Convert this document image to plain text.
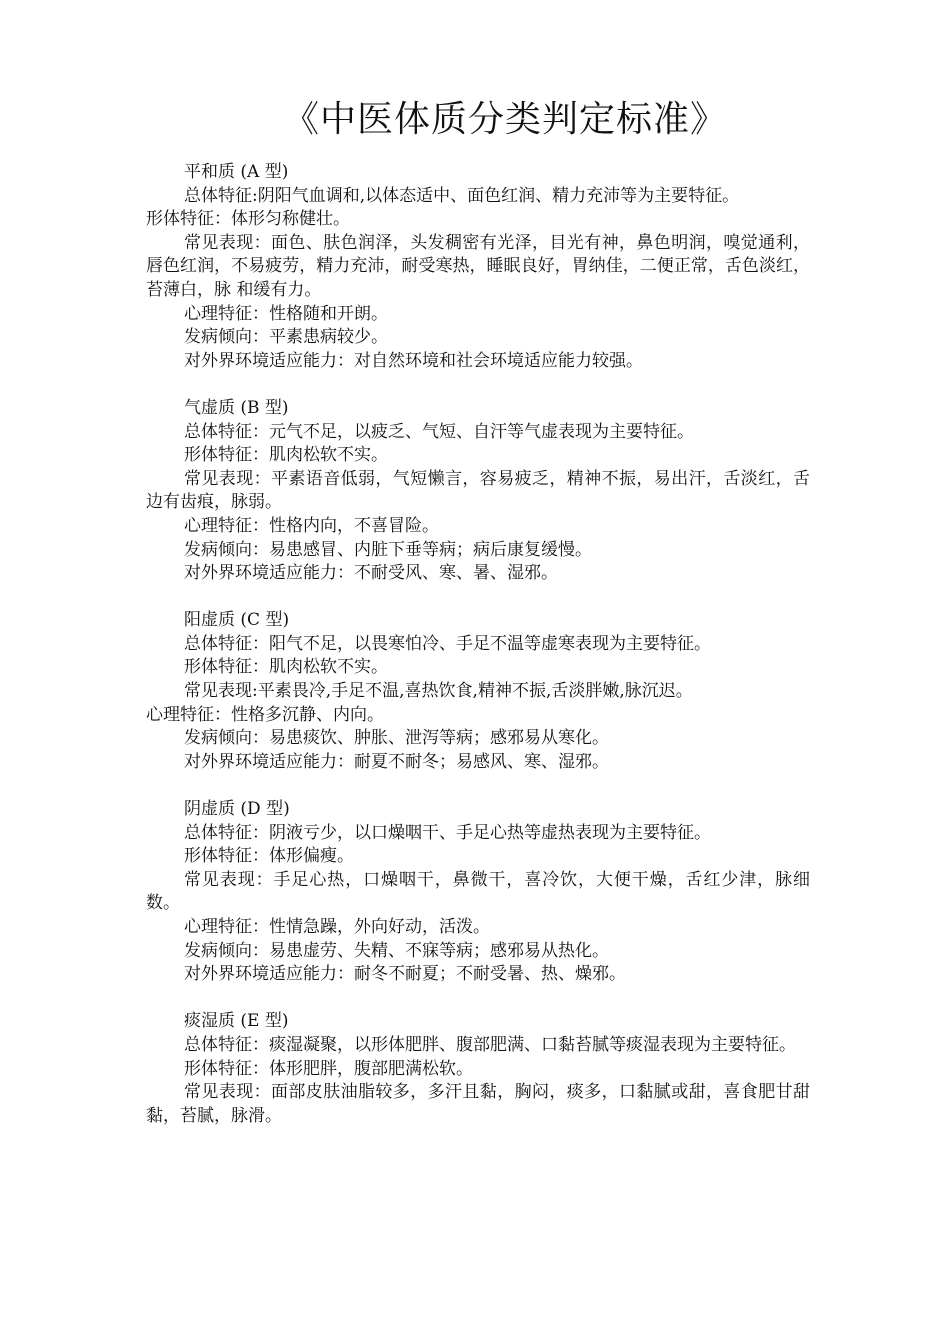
《中医体质分类判定标准》

平和质 (A 型)

总体特征:阴阳气血调和,以体态适中、面色红润、精力充沛等为主要特征。

形体特征：体形匀称健壮。

常见表现：面色、肤色润泽，头发稠密有光泽，目光有神，鼻色明润，嗅觉通利，唇色红润，不易疲劳，精力充沛，耐受寒热，睡眠良好，胃纳佳，二便正常，舌色淡红，苔薄白，脉 和缓有力。

心理特征：性格随和开朗。

发病倾向：平素患病较少。

对外界环境适应能力：对自然环境和社会环境适应能力较强。

气虚质 (B 型)

总体特征：元气不足，以疲乏、气短、自汗等气虚表现为主要特征。

形体特征：肌肉松软不实。

常见表现：平素语音低弱，气短懒言，容易疲乏，精神不振，易出汗，舌淡红，舌边有齿痕，脉弱。

心理特征：性格内向，不喜冒险。

发病倾向：易患感冒、内脏下垂等病；病后康复缓慢。

对外界环境适应能力：不耐受风、寒、暑、湿邪。

阳虚质 (C 型)

总体特征：阳气不足，以畏寒怕冷、手足不温等虚寒表现为主要特征。

形体特征：肌肉松软不实。

常见表现:平素畏冷,手足不温,喜热饮食,精神不振,舌淡胖嫩,脉沉迟。

心理特征：性格多沉静、内向。

发病倾向：易患痰饮、肿胀、泄泻等病；感邪易从寒化。

对外界环境适应能力：耐夏不耐冬；易感风、寒、湿邪。

阴虚质 (D 型)

总体特征：阴液亏少，以口燥咽干、手足心热等虚热表现为主要特征。

形体特征：体形偏瘦。

常见表现：手足心热，口燥咽干，鼻微干，喜冷饮，大便干燥，舌红少津，脉细数。

心理特征：性情急躁，外向好动，活泼。

发病倾向：易患虚劳、失精、不寐等病；感邪易从热化。

对外界环境适应能力：耐冬不耐夏；不耐受暑、热、燥邪。

痰湿质 (E 型)

总体特征：痰湿凝聚，以形体肥胖、腹部肥满、口黏苔腻等痰湿表现为主要特征。

形体特征：体形肥胖，腹部肥满松软。

常见表现：面部皮肤油脂较多，多汗且黏，胸闷，痰多，口黏腻或甜，喜食肥甘甜黏，苔腻，脉滑。
